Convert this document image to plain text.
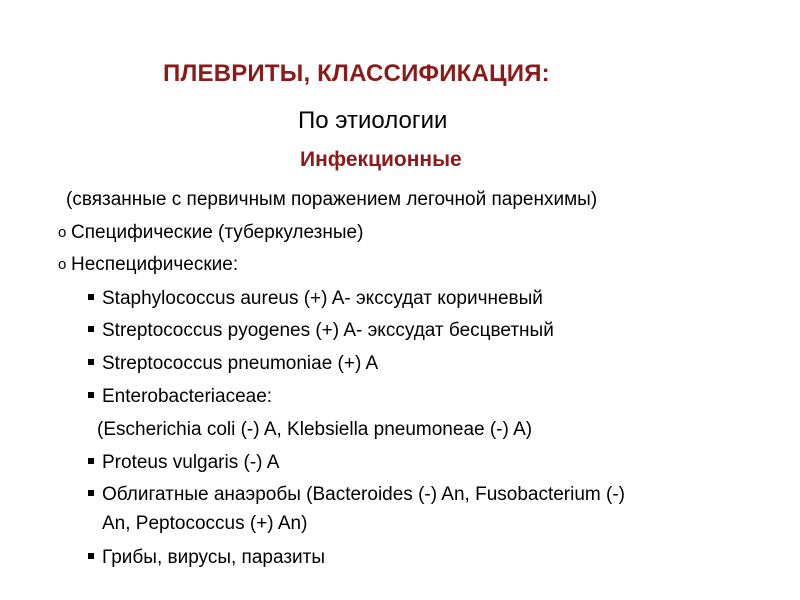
ПЛЕВРИТЫ, КЛАССИФИКАЦИЯ:
По этиологии
Инфекционные
(связанные с первичным поражением легочной паренхимы)
o Специфические (туберкулезные)
o Неспецифические:
Staphylococcus aureus (+) A- экссудат коричневый
Streptococcus pyogenes (+) A- экссудат бесцветный
Streptococcus pneumoniae (+) A
Enterobacteriaceae:
(Escherichia coli (-) A, Klebsiella pneumoneae (-) A)
Proteus vulgaris (-) A
Облигатные анаэробы (Bacteroides (-) An, Fusobacterium (-)
An, Peptococcus (+) An)
Грибы, вирусы, паразиты
